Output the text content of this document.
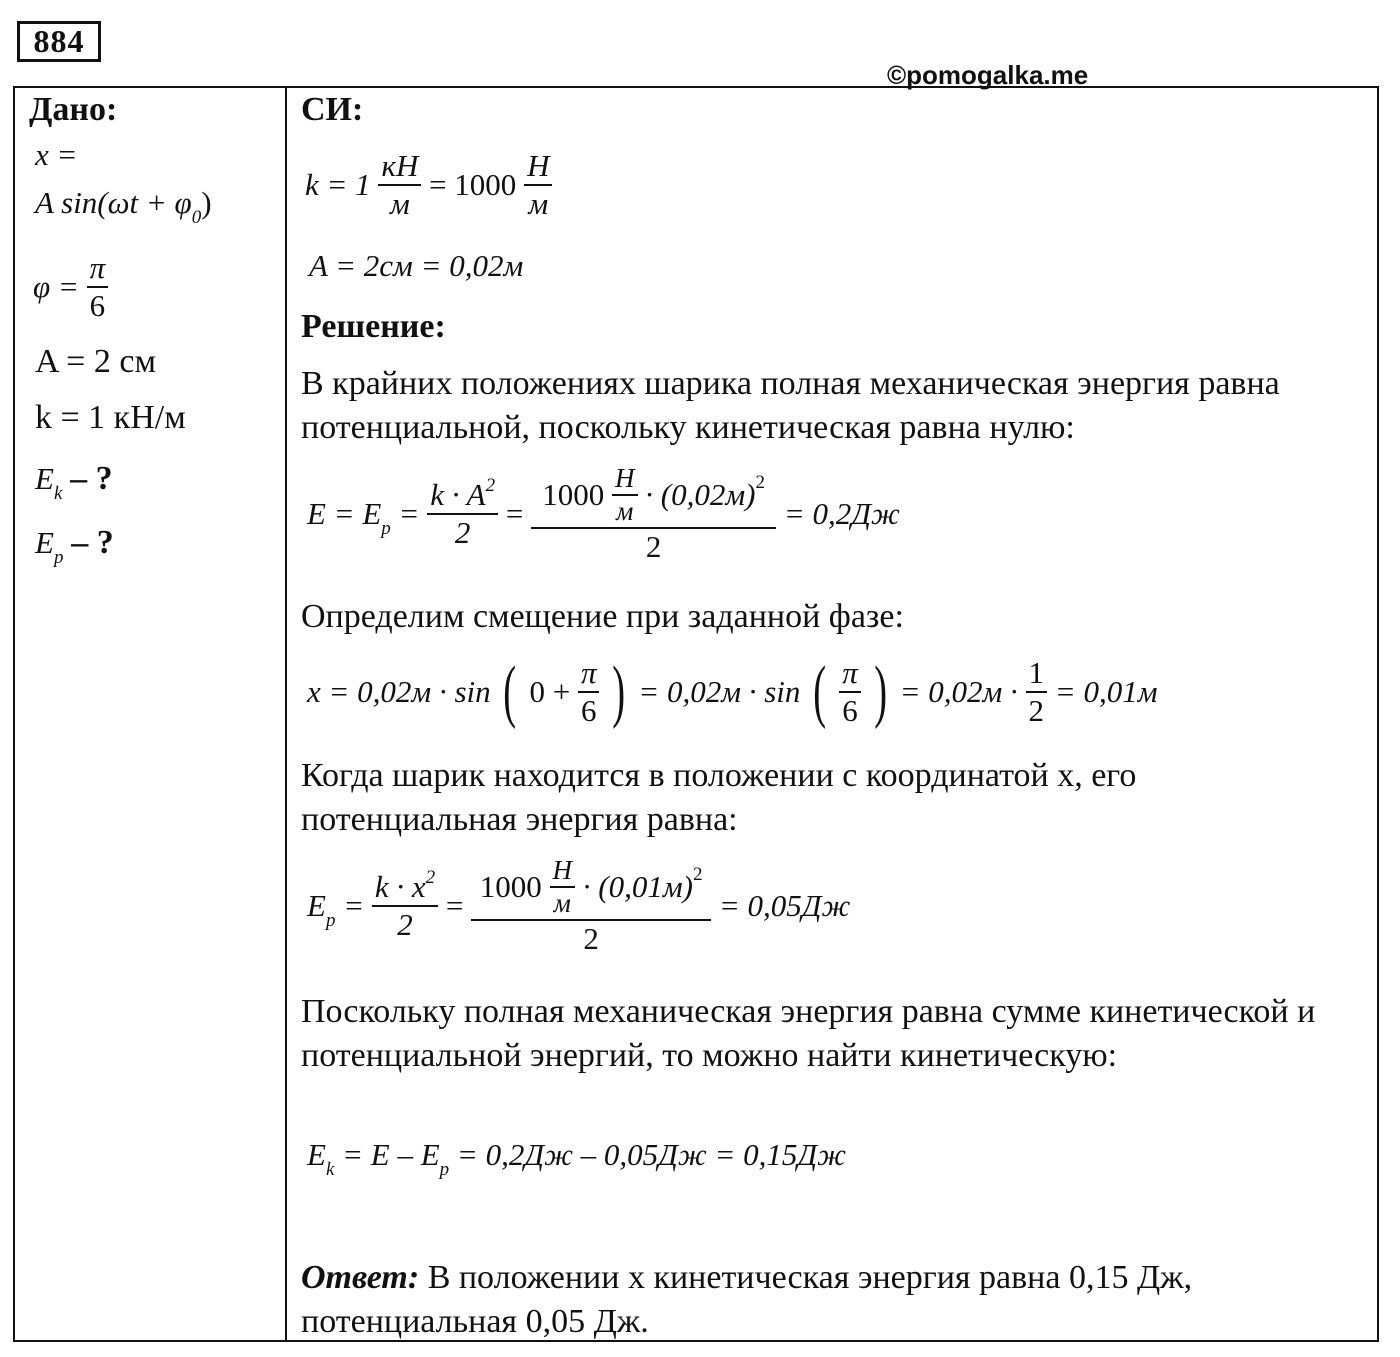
884
©pomogalka.me
Дано:
x =
A $\sin(\omega t + \varphi_0)$
$\varphi = \frac{\pi}{6}$
A = 2 см
k = 1 кН/м
$E_k$ – ?
$E_p$ – ?
СИ:
$k = 1 \frac{кН}{м} = 1000 \frac{Н}{м}$
A = 2см = 0,02м
Решение:
В крайних положениях шарика полная механическая энергия равна потенциальной, поскольку кинетическая равна нулю:
$E = E_p = \frac{k \cdot A^2}{2} = \frac{1000 \frac{Н}{м} \cdot (0,02м)^2}{2} = 0,2Дж$
Определим смещение при заданной фазе:
x = 0,02м · sin ( $0 + \frac{\pi}{6}$ ) = 0,02м · sin ( $\frac{\pi}{6}$ ) = $0,02м \cdot \frac{1}{2} = 0,01м$
Когда шарик находится в положении с координатой х, его потенциальная энергия равна:
$E_p = \frac{k \cdot x^2}{2} = \frac{1000 \frac{Н}{м} \cdot (0,01м)^2}{2} = 0,05Дж$
Поскольку полная механическая энергия равна сумме кинетической и потенциальной энергий, то можно найти кинетическую:
$E_k = E - E_p = 0,2Дж - 0,05Дж = 0,15Дж$
Ответ: В положении х кинетическая энергия равна 0,15 Дж, потенциальная 0,05 Дж.
